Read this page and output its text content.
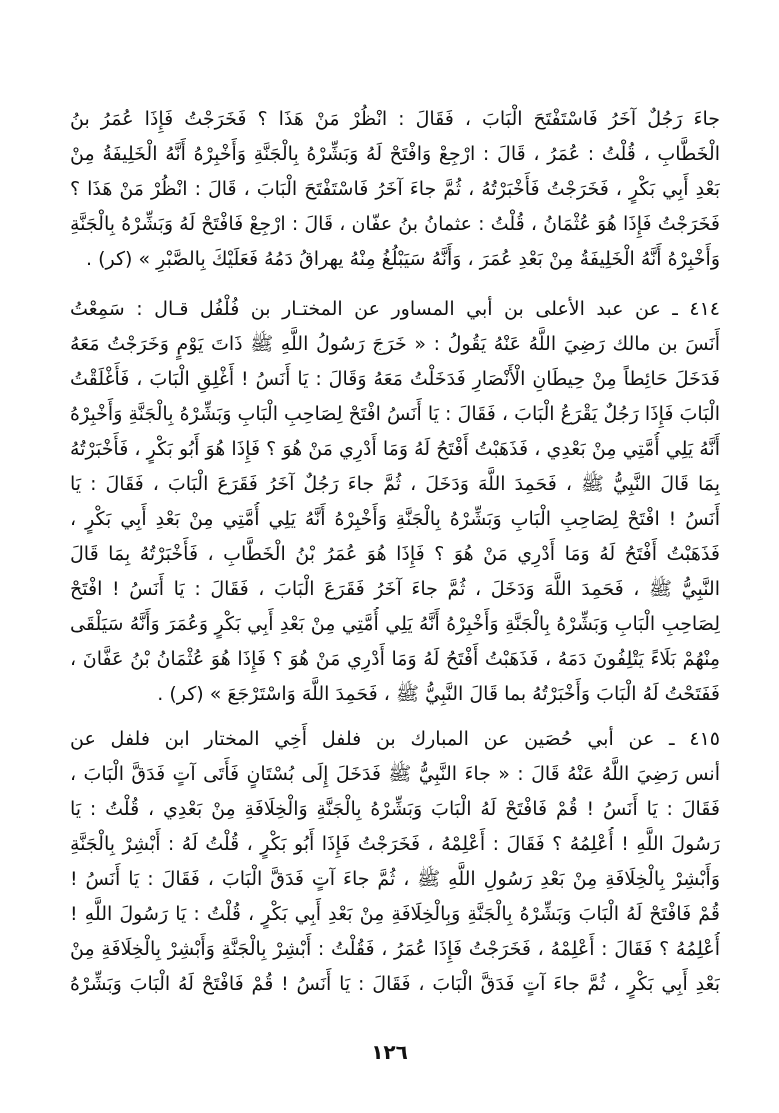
جاءَ رَجُلٌ آخَرُ فَاسْتَفْتَحَ الْبَابَ ، فَقَالَ : انْظُرْ مَنْ هَذَا ؟ فَخَرَجْتُ فَإِذَا عُمَرُ بنُ
الْخَطَّابِ ، قُلْتُ : عُمَرُ ، قَالَ : ارْجِعْ وَافْتَحْ لَهُ وَبَشِّرْهُ بِالْجَنَّةِ وَأَخْبِرْهُ أَنَّهُ الْخَلِيفَةُ مِنْ
بَعْدِ أَبِي بَكْرٍ ، فَخَرَجْتُ فَأَخْبَرْتُهُ ، ثُمَّ جاءَ آخَرُ فَاسْتَفْتَحَ الْبَابَ ، قَالَ : انْظُرْ مَنْ هَذَا ؟
فَخَرَجْتُ فَإِذَا هُوَ عُثْمَانُ ، قُلْتُ : عثمانُ بنُ عفّان ، قَالَ : ارْجِعْ فَافْتَحْ لَهُ وَبَشِّرْهُ بِالْجَنَّةِ
وَأَخْبِرْهُ أَنَّهُ الْخَلِيفَةُ مِنْ بَعْدِ عُمَرَ ، وَأَنَّهُ سَيَبْلُغُ مِنْهُ يهراقُ دَمُهُ فَعَلَيْكَ بِالصَّبْرِ » (كر) .
٤١٤ ـ عن عبد الأعلى بن أبي المساور عن المختـار بن فُلْفُل قـال : سَمِعْتُ
أَنَسَ بن مالك رَضِيَ اللَّهُ عَنْهُ يَقُولُ : « خَرَجَ رَسُولُ اللَّهِ ﷺ ذَاتَ يَوْمٍ وَخَرَجْتُ مَعَهُ
فَدَخَلَ حَائِطاً مِنْ حِيطَانِ الْأَنْصَارِ فَدَخَلْتُ مَعَهُ وَقَالَ : يَا أَنَسُ ! أَغْلِقِ الْبَابَ ، فَأَغْلَقْتُ
الْبَابَ فَإِذَا رَجُلٌ يَقْرَعُ الْبَابَ ، فَقَالَ : يَا أَنَسُ افْتَحْ لِصَاحِبِ الْبَابِ وَبَشِّرْهُ بِالْجَنَّةِ وَأَخْبِرْهُ
أَنَّهُ يَلِي أُمَّتِي مِنْ بَعْدِي ، فَذَهَبْتُ أَفْتَحُ لَهُ وَمَا أَدْرِي مَنْ هُوَ ؟ فَإِذَا هُوَ أَبُو بَكْرٍ ، فَأَخْبَرْتُهُ
بِمَا قَالَ النَّبِيُّ ﷺ ، فَحَمِدَ اللَّهَ وَدَخَلَ ، ثُمَّ جاءَ رَجُلٌ آخَرُ فَقَرَعَ الْبَابَ ، فَقَالَ : يَا
أَنَسُ ! افْتَحْ لِصَاحِبِ الْبَابِ وَبَشِّرْهُ بِالْجَنَّةِ وَأَخْبِرْهُ أَنَّهُ يَلِي أُمَّتِي مِنْ بَعْدِ أَبِي بَكْرٍ ،
فَذَهَبْتُ أَفْتَحُ لَهُ وَمَا أَدْرِي مَنْ هُوَ ؟ فَإِذَا هُوَ عُمَرُ بْنُ الْخَطَّابِ ، فَأَخْبَرْتُهُ بِمَا قَالَ
النَّبِيُّ ﷺ ، فَحَمِدَ اللَّهَ وَدَخَلَ ، ثُمَّ جاءَ آخَرُ فَقَرَعَ الْبَابَ ، فَقَالَ : يَا أَنَسُ ! افْتَحْ
لِصَاحِبِ الْبَابِ وَبَشِّرْهُ بِالْجَنَّةِ وَأَخْبِرْهُ أَنَّهُ يَلِي أُمَّتِي مِنْ بَعْدِ أَبِي بَكْرٍ وَعُمَرَ وَأَنَّهُ سَيَلْقَى
مِنْهُمْ بَلَاءً يَتْلِفُونَ دَمَهُ ، فَذَهَبْتُ أَفْتَحُ لَهُ وَمَا أَدْرِي مَنْ هُوَ ؟ فَإِذَا هُوَ عُثْمَانُ بْنُ عَفَّانَ ،
فَفَتَحْتُ لَهُ الْبَابَ وَأَخْبَرْتُهُ بما قَالَ النَّبِيُّ ﷺ ، فَحَمِدَ اللَّهَ وَاسْتَرْجَعَ » (كر) .
٤١٥ ـ عن أبي حُصَين عن المبارك بن فلفل أَخِي المختار ابن فلفل عن
أنس رَضِيَ اللَّهُ عَنْهُ قَالَ : « جاءَ النَّبِيُّ ﷺ فَدَخَلَ إِلَى بُسْتَانٍ فَأَتَى آتٍ فَدَقَّ الْبَابَ ،
فَقَالَ : يَا أَنَسُ ! قُمْ فَافْتَحْ لَهُ الْبَابَ وَبَشِّرْهُ بِالْجَنَّةِ وَالْخِلَافَةِ مِنْ بَعْدِي ، قُلْتُ : يَا
رَسُولَ اللَّهِ ! أُعْلِمُهُ ؟ فَقَالَ : أَعْلِمْهُ ، فَخَرَجْتُ فَإِذَا أَبُو بَكْرٍ ، قُلْتُ لَهُ : أَبْشِرْ بِالْجَنَّةِ
وَأَبْشِرْ بِالْخِلَافَةِ مِنْ بَعْدِ رَسُولِ اللَّهِ ﷺ ، ثُمَّ جاءَ آتٍ فَدَقَّ الْبَابَ ، فَقَالَ : يَا أَنَسُ !
قُمْ فَافْتَحْ لَهُ الْبَابَ وَبَشِّرْهُ بِالْجَنَّةِ وَبِالْخِلَافَةِ مِنْ بَعْدِ أَبِي بَكْرٍ ، قُلْتُ : يَا رَسُولَ اللَّهِ !
أُعْلِمُهُ ؟ فَقَالَ : أَعْلِمْهُ ، فَخَرَجْتُ فَإِذَا عُمَرُ ، فَقُلْتُ : أَبْشِرْ بِالْجَنَّةِ وَأَبْشِرْ بِالْخِلَافَةِ مِنْ
بَعْدِ أَبِي بَكْرٍ ، ثُمَّ جاءَ آتٍ فَدَقَّ الْبَابَ ، فَقَالَ : يَا أَنَسُ ! قُمْ فَافْتَحْ لَهُ الْبَابَ وَبَشِّرْهُ
١٢٦
